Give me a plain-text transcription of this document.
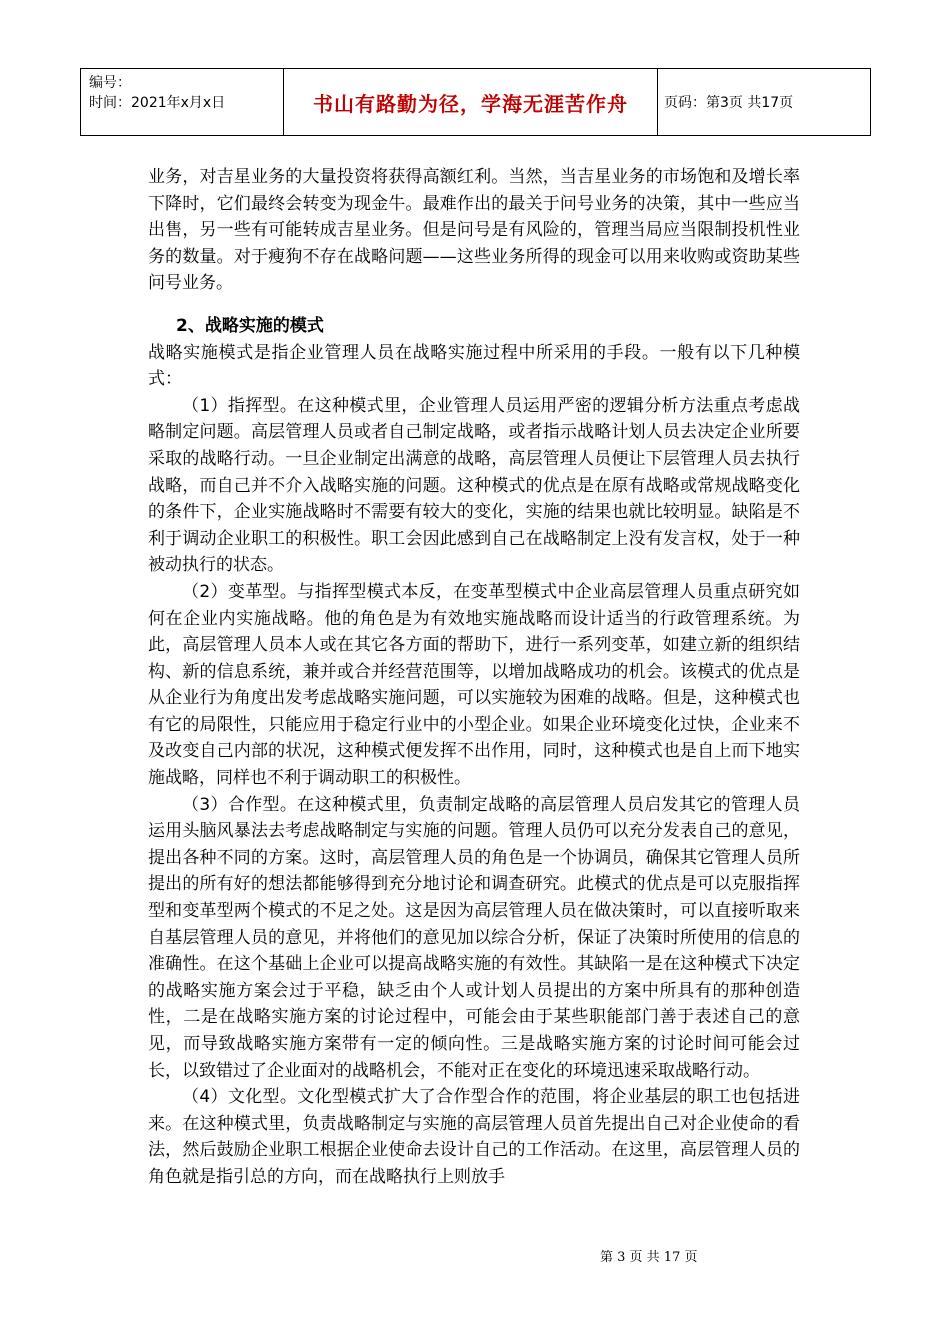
编号：
时间：2021年x月x日	书山有路勤为径，学海无涯苦作舟	页码：第3页 共17页

业务，对吉星业务的大量投资将获得高额红利。当然，当吉星业务的市场饱和及增长率下降时，它们最终会转变为现金牛。最难作出的最关于问号业务的决策，其中一些应当出售，另一些有可能转成吉星业务。但是问号是有风险的，管理当局应当限制投机性业务的数量。对于瘦狗不存在战略问题——这些业务所得的现金可以用来收购或资助某些问号业务。

2、战略实施的模式

战略实施模式是指企业管理人员在战略实施过程中所采用的手段。一般有以下几种模式：

（1）指挥型。在这种模式里，企业管理人员运用严密的逻辑分析方法重点考虑战略制定问题。高层管理人员或者自己制定战略，或者指示战略计划人员去决定企业所要采取的战略行动。一旦企业制定出满意的战略，高层管理人员便让下层管理人员去执行战略，而自己并不介入战略实施的问题。这种模式的优点是在原有战略或常规战略变化的条件下，企业实施战略时不需要有较大的变化，实施的结果也就比较明显。缺陷是不利于调动企业职工的积极性。职工会因此感到自己在战略制定上没有发言权，处于一种被动执行的状态。

（2）变革型。与指挥型模式本反，在变革型模式中企业高层管理人员重点研究如何在企业内实施战略。他的角色是为有效地实施战略而设计适当的行政管理系统。为此，高层管理人员本人或在其它各方面的帮助下，进行一系列变革，如建立新的组织结构、新的信息系统，兼并或合并经营范围等，以增加战略成功的机会。该模式的优点是从企业行为角度出发考虑战略实施问题，可以实施较为困难的战略。但是，这种模式也有它的局限性，只能应用于稳定行业中的小型企业。如果企业环境变化过快，企业来不及改变自己内部的状况，这种模式便发挥不出作用，同时，这种模式也是自上而下地实施战略，同样也不利于调动职工的积极性。

（3）合作型。在这种模式里，负责制定战略的高层管理人员启发其它的管理人员运用头脑风暴法去考虑战略制定与实施的问题。管理人员仍可以充分发表自己的意见，提出各种不同的方案。这时，高层管理人员的角色是一个协调员，确保其它管理人员所提出的所有好的想法都能够得到充分地讨论和调查研究。此模式的优点是可以克服指挥型和变革型两个模式的不足之处。这是因为高层管理人员在做决策时，可以直接听取来自基层管理人员的意见，并将他们的意见加以综合分析，保证了决策时所使用的信息的准确性。在这个基础上企业可以提高战略实施的有效性。其缺陷一是在这种模式下决定的战略实施方案会过于平稳，缺乏由个人或计划人员提出的方案中所具有的那种创造性，二是在战略实施方案的讨论过程中，可能会由于某些职能部门善于表述自己的意见，而导致战略实施方案带有一定的倾向性。三是战略实施方案的讨论时间可能会过长，以致错过了企业面对的战略机会，不能对正在变化的环境迅速采取战略行动。

（4）文化型。文化型模式扩大了合作型合作的范围，将企业基层的职工也包括进来。在这种模式里，负责战略制定与实施的高层管理人员首先提出自己对企业使命的看法，然后鼓励企业职工根据企业使命去设计自己的工作活动。在这里，高层管理人员的角色就是指引总的方向，而在战略执行上则放手

第 3 页 共 17 页
